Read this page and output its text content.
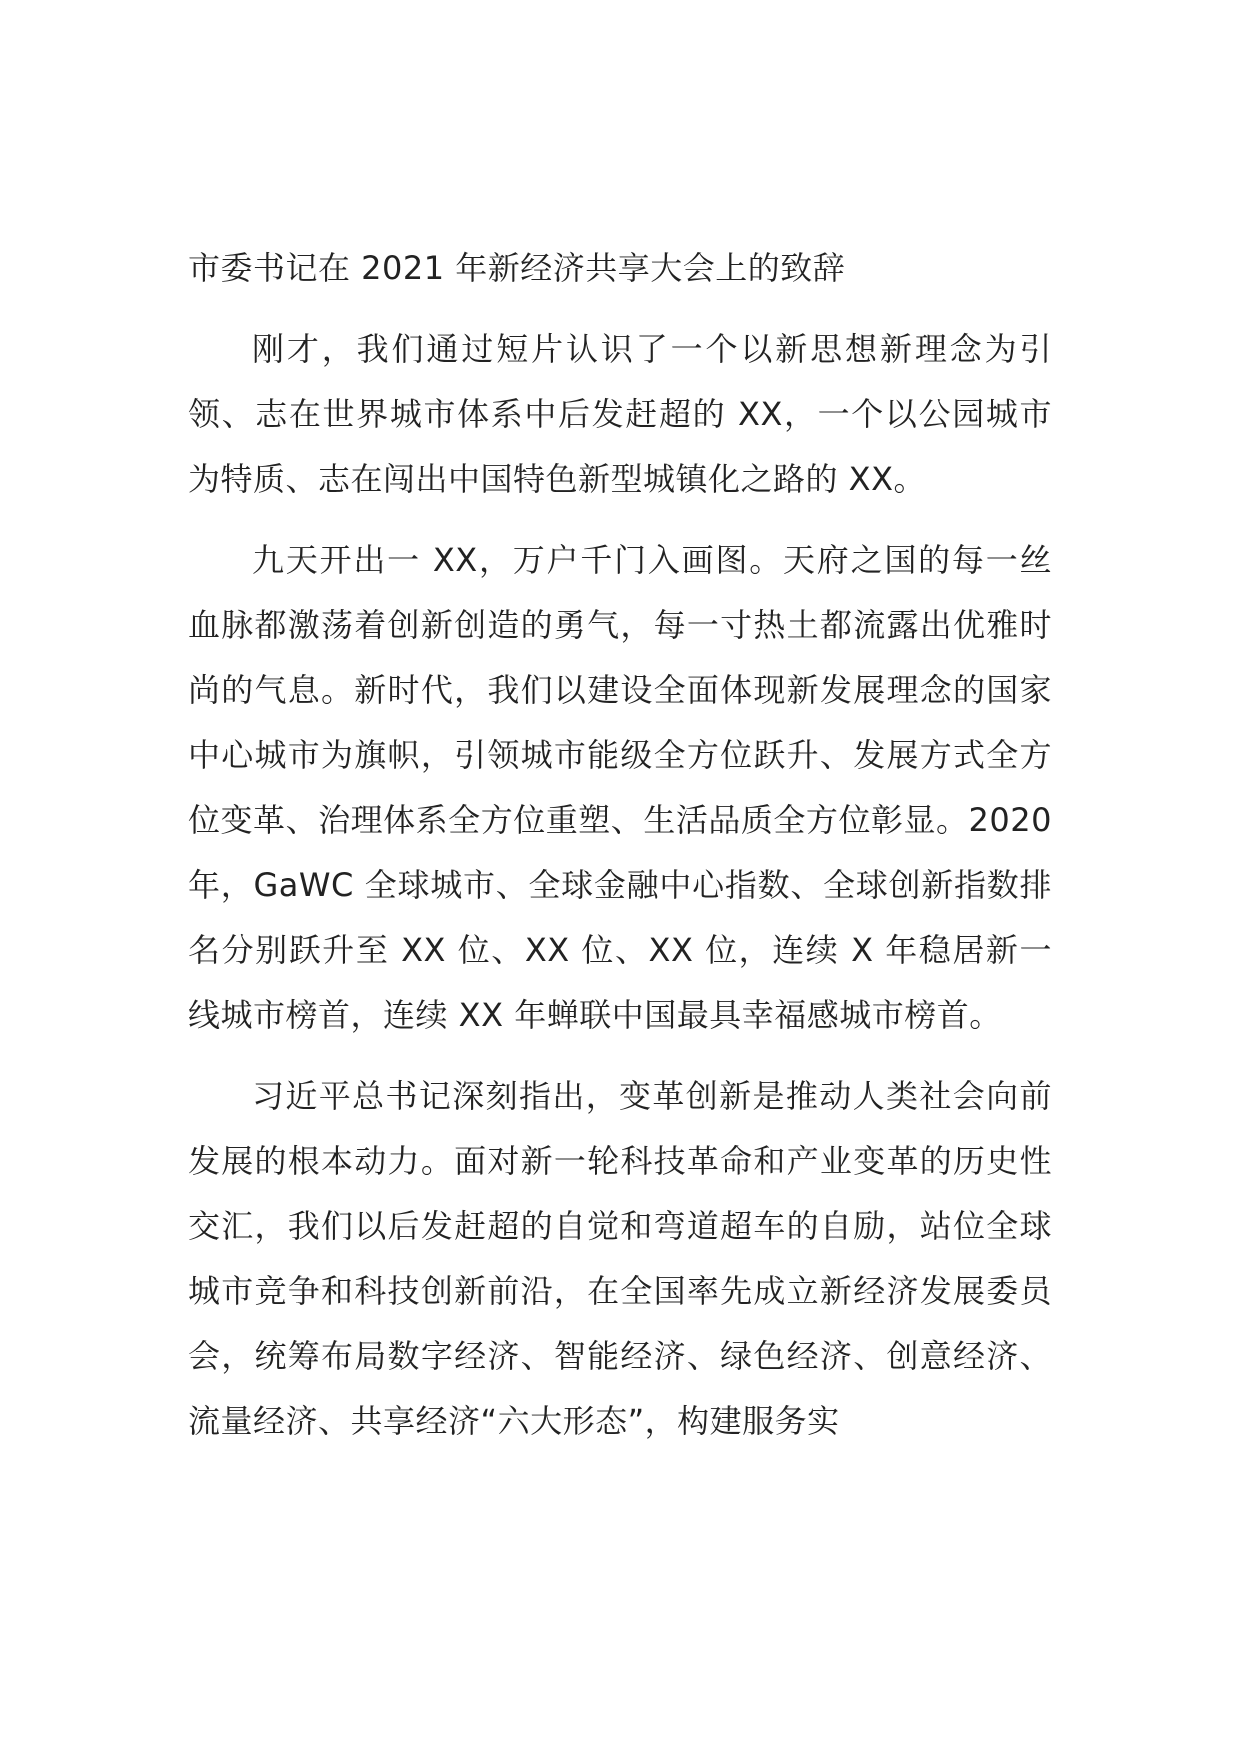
市委书记在 2021 年新经济共享大会上的致辞

刚才，我们通过短片认识了一个以新思想新理念为引领、志在世界城市体系中后发赶超的 XX，一个以公园城市为特质、志在闯出中国特色新型城镇化之路的 XX。

九天开出一 XX，万户千门入画图。天府之国的每一丝血脉都激荡着创新创造的勇气，每一寸热土都流露出优雅时尚的气息。新时代，我们以建设全面体现新发展理念的国家中心城市为旗帜，引领城市能级全方位跃升、发展方式全方位变革、治理体系全方位重塑、生活品质全方位彰显。2020 年，GaWC 全球城市、全球金融中心指数、全球创新指数排名分别跃升至 XX 位、XX 位、XX 位，连续 X 年稳居新一线城市榜首，连续 XX 年蝉联中国最具幸福感城市榜首。

习近平总书记深刻指出，变革创新是推动人类社会向前发展的根本动力。面对新一轮科技革命和产业变革的历史性交汇，我们以后发赶超的自觉和弯道超车的自励，站位全球城市竞争和科技创新前沿，在全国率先成立新经济发展委员会，统筹布局数字经济、智能经济、绿色经济、创意经济、流量经济、共享经济“六大形态”，构建服务实
